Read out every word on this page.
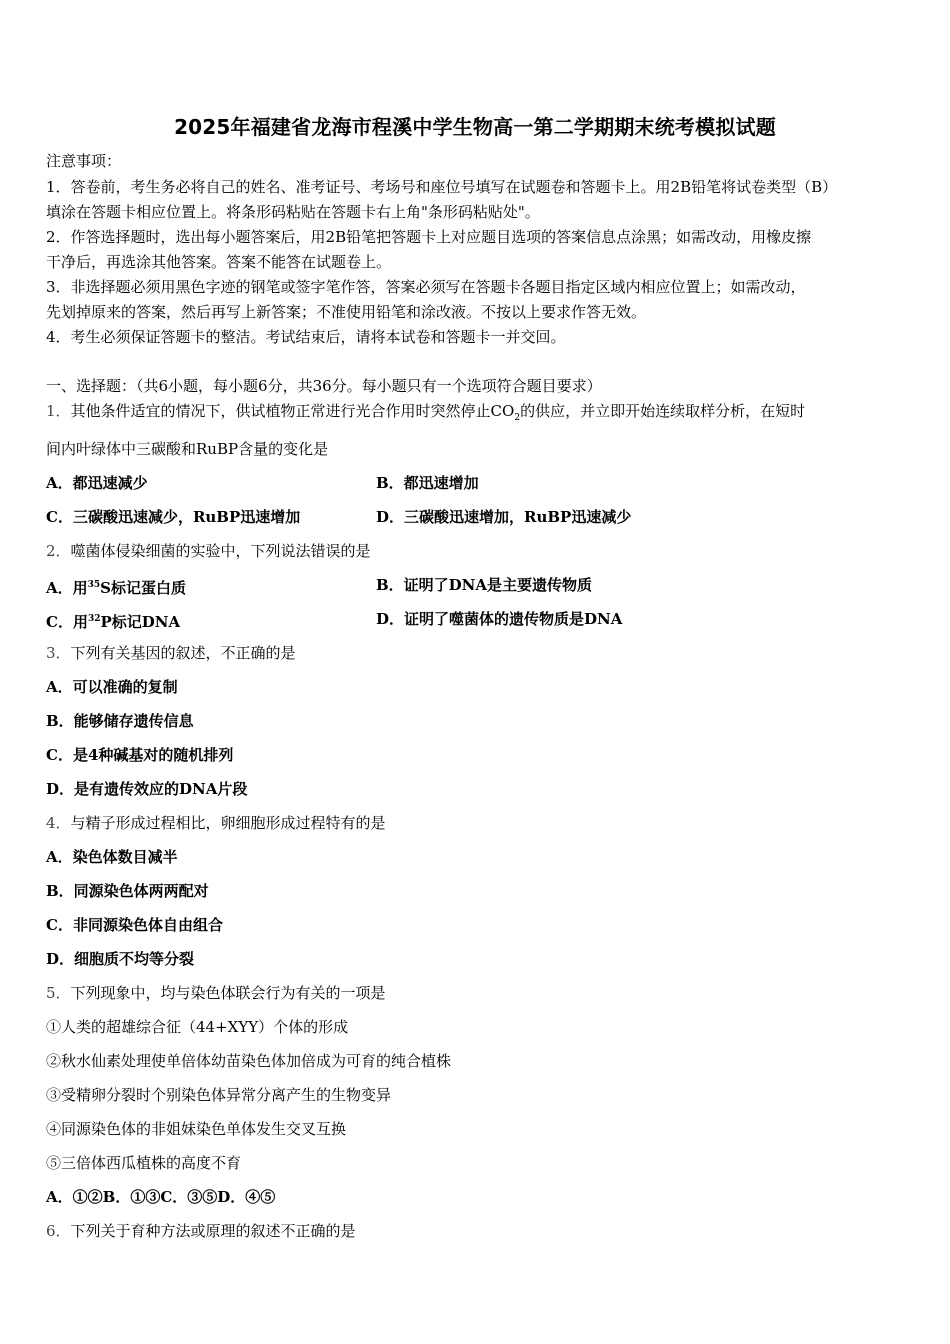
2025年福建省龙海市程溪中学生物高一第二学期期末统考模拟试题
注意事项：
1．答卷前，考生务必将自己的姓名、准考证号、考场号和座位号填写在试题卷和答题卡上。用2B铅笔将试卷类型（B）
填涂在答题卡相应位置上。将条形码粘贴在答题卡右上角"条形码粘贴处"。
2．作答选择题时，选出每小题答案后，用2B铅笔把答题卡上对应题目选项的答案信息点涂黑；如需改动，用橡皮擦
干净后，再选涂其他答案。答案不能答在试题卷上。
3．非选择题必须用黑色字迹的钢笔或签字笔作答，答案必须写在答题卡各题目指定区域内相应位置上；如需改动，
先划掉原来的答案，然后再写上新答案；不准使用铅笔和涂改液。不按以上要求作答无效。
4．考生必须保证答题卡的整洁。考试结束后，请将本试卷和答题卡一并交回。
一、选择题：（共6小题，每小题6分，共36分。每小题只有一个选项符合题目要求）
1．其他条件适宜的情况下，供试植物正常进行光合作用时突然停止$CO_2$的供应，并立即开始连续取样分析，在短时
间内叶绿体中三碳酸和RuBP含量的变化是
A．都迅速减少	B．都迅速增加
C．三碳酸迅速减少，RuBP迅速增加	D．三碳酸迅速增加，RuBP迅速减少
2．噬菌体侵染细菌的实验中，下列说法错误的是
A．用$^{35}$S标记蛋白质	B．证明了DNA是主要遗传物质
C．用$^{32}$P标记DNA	D．证明了噬菌体的遗传物质是DNA
3．下列有关基因的叙述，不正确的是
A．可以准确的复制
B．能够储存遗传信息
C．是4种碱基对的随机排列
D．是有遗传效应的DNA片段
4．与精子形成过程相比，卵细胞形成过程特有的是
A．染色体数目减半
B．同源染色体两两配对
C．非同源染色体自由组合
D．细胞质不均等分裂
5．下列现象中，均与染色体联会行为有关的一项是
①人类的超雄综合征（44+XYY）个体的形成
②秋水仙素处理使单倍体幼苗染色体加倍成为可育的纯合植株
③受精卵分裂时个别染色体异常分离产生的生物变异
④同源染色体的非姐妹染色单体发生交叉互换
⑤三倍体西瓜植株的高度不育
A．①②B．①③C．③⑤D．④⑤
6．下列关于育种方法或原理的叙述不正确的是
